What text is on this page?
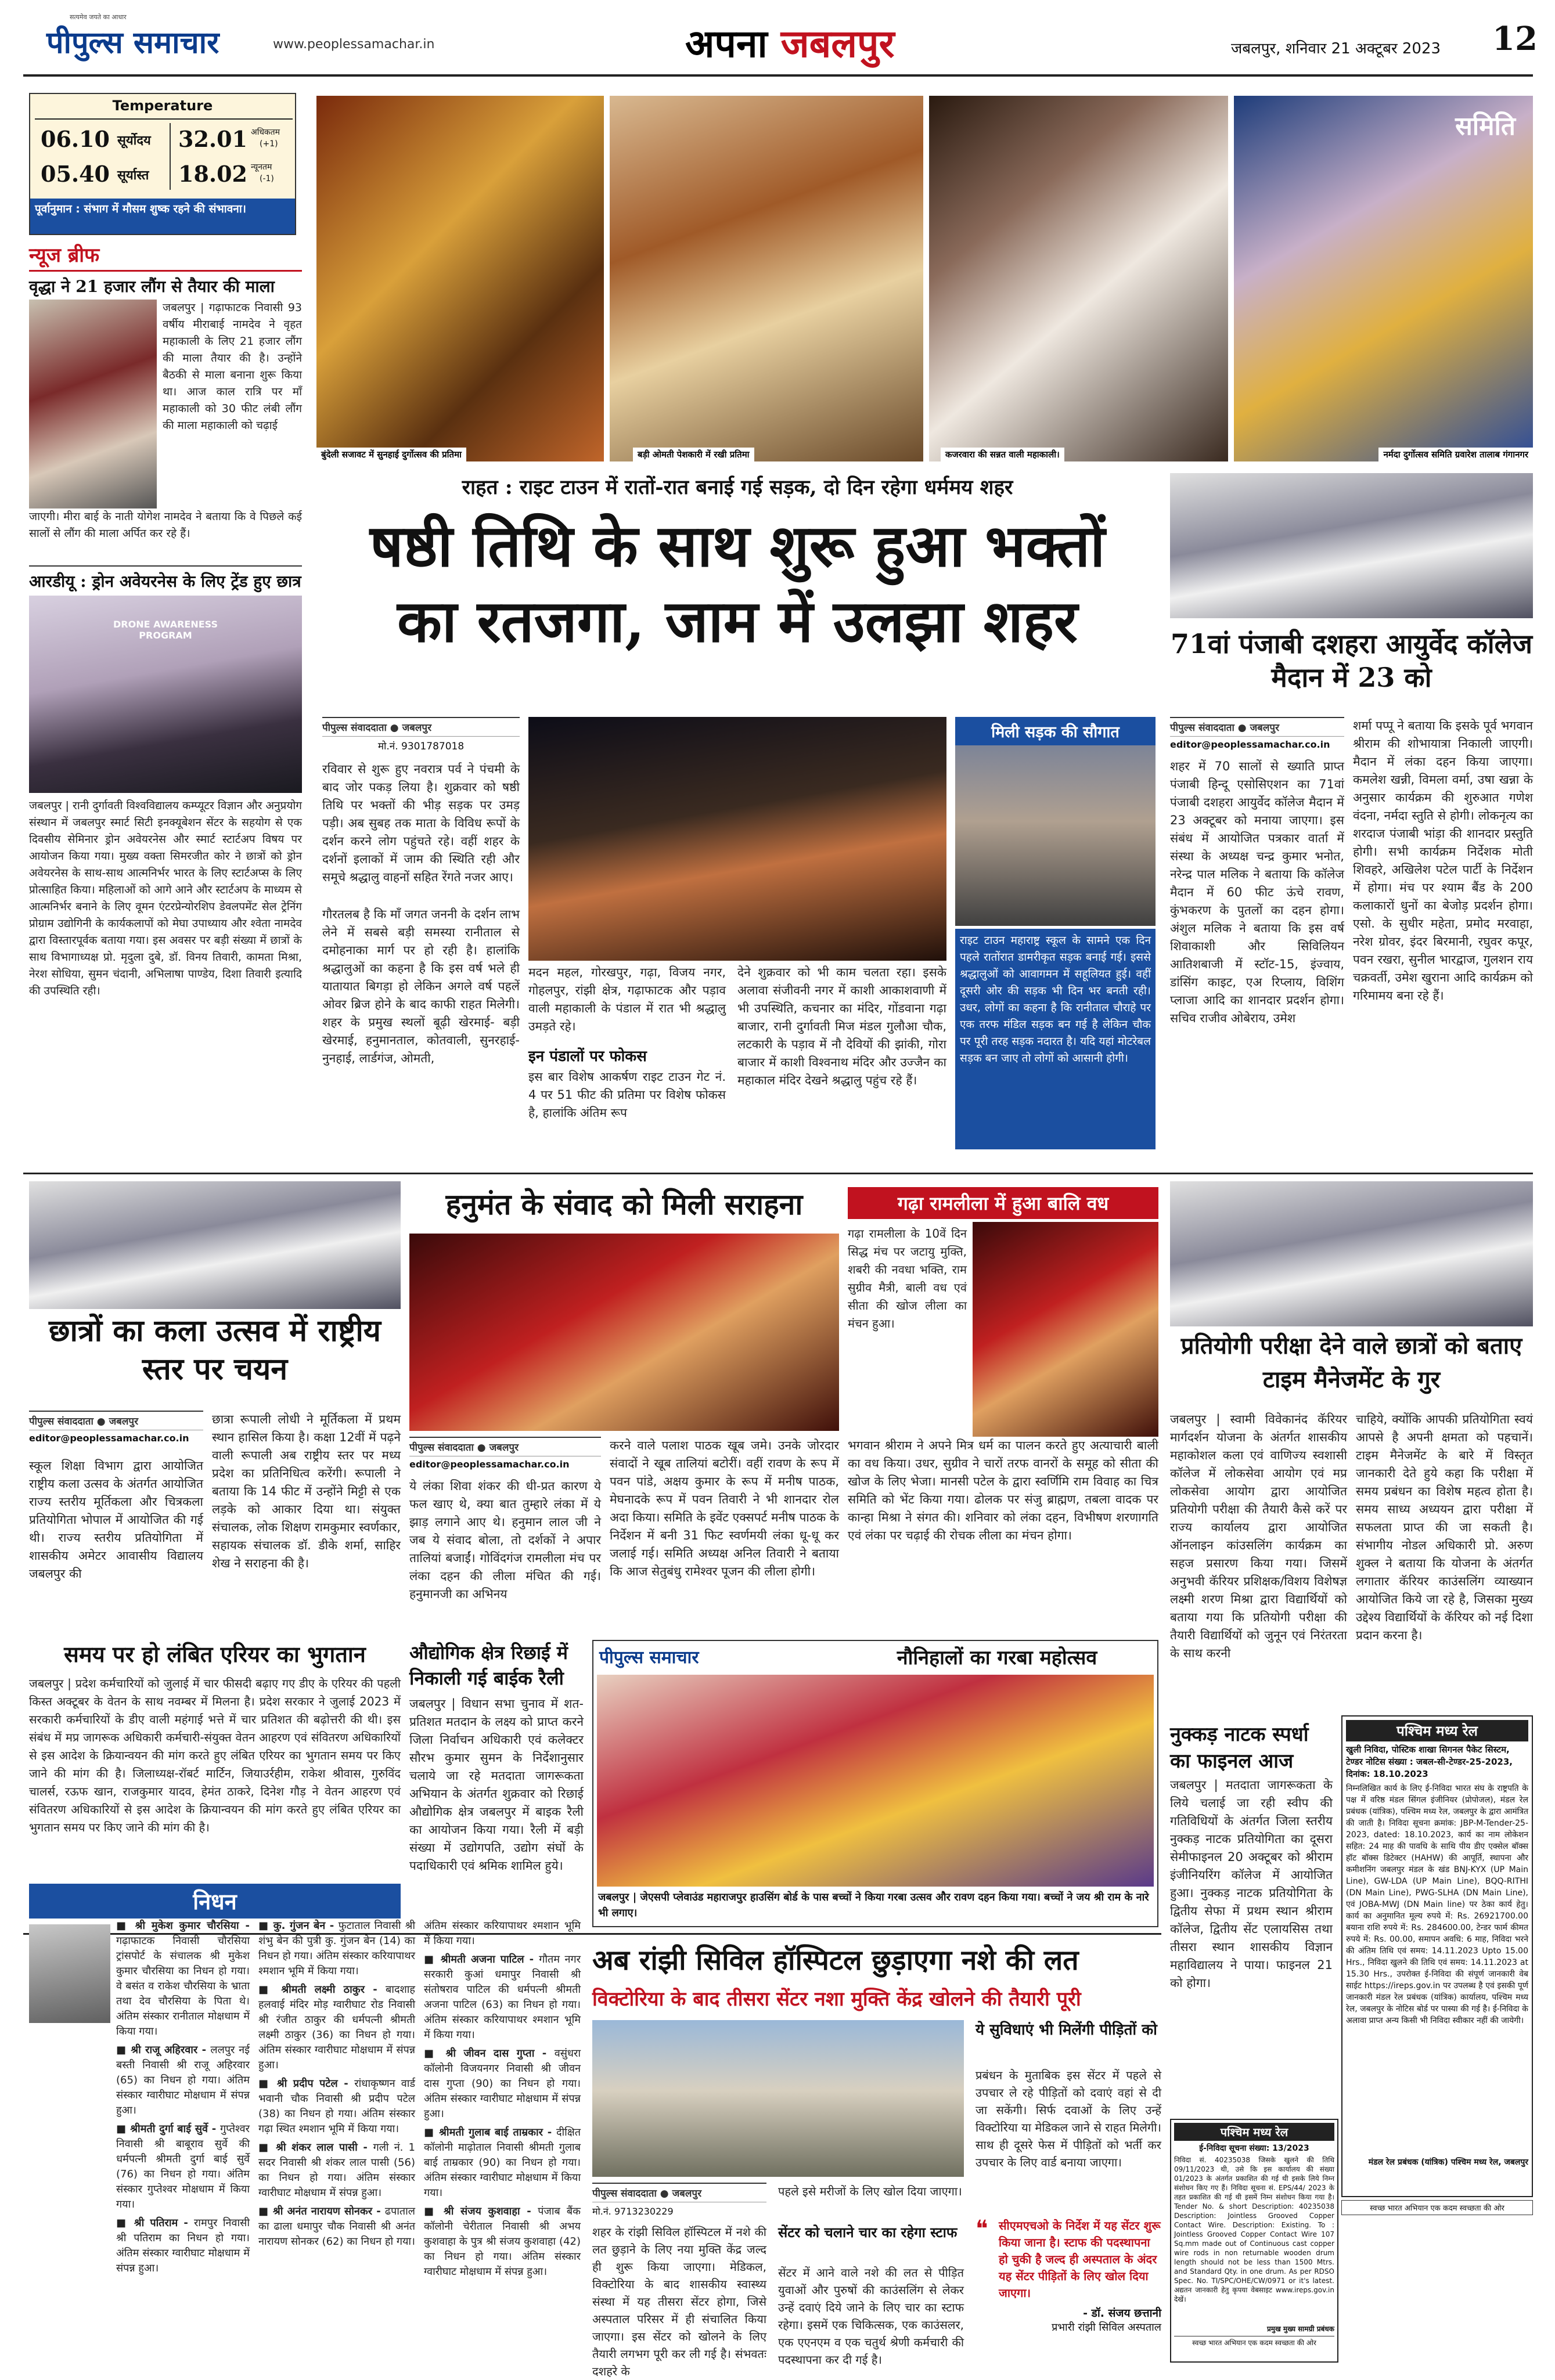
सत्यमेव जयते का आधार
पीपुल्स समाचार	www.peoplessamachar.in	अपना जबलपुर	जबलपुर, शनिवार 21 अक्टूबर 2023 12
Temperature
06.10 सूर्योदय 32.01 अधिकतम
(+1)
05.40 सूर्यास्त 18.02 न्यूनतम
(-1)
पूर्वानुमान : संभाग में मौसम शुष्क रहने की संभावना।
बुंदेली सजावट में सुनहाई दुर्गोत्सव की प्रतिमा	बड़ी ओमती पेशकारी में रखी प्रतिमा	कजरवारा की सन्नत वाली महाकाली।
समिति
नर्मदा दुर्गोत्सव समिति ग्रवारेश तालाब गंगानगर
न्यूज ब्रीफ
वृद्धा ने 21 हजार लौंग से तैयार की माला
जबलपुर | गढ़ाफाटक निवासी 93 वर्षीय मीराबाई नामदेव ने वृहत महाकाली के लिए 21 हजार लौंग की माला तैयार की है। उन्होंने बैठकी से माला बनाना शुरू किया था। आज काल रात्रि पर माँ महाकाली को 30 फीट लंबी लौंग की माला महाकाली को चढ़ाई
जाएगी। मीरा बाई के नाती योगेश नामदेव ने बताया कि वे पिछले कई सालों से लौंग की माला अर्पित कर रहे हैं।
आरडीयू : ड्रोन अवेयरनेस के लिए ट्रेंड हुए छात्र
DRONE AWARENESS PROGRAM
जबलपुर | रानी दुर्गावती विश्वविद्यालय कम्प्यूटर विज्ञान और अनुप्रयोग संस्थान में जबलपुर स्मार्ट सिटी इनक्यूबेशन सेंटर के सहयोग से एक दिवसीय सेमिनार ड्रोन अवेयरनेस और स्मार्ट स्टार्टअप विषय पर आयोजन किया गया। मुख्य वक्ता सिमरजीत कोर ने छात्रों को ड्रोन अवेयरनेस के साथ-साथ आत्मनिर्भर भारत के लिए स्टार्टअप्स के लिए प्रोत्साहित किया। महिलाओं को आगे आने और स्टार्टअप के माध्यम से आत्मनिर्भर बनाने के लिए वूमन एंटरप्रेन्योरशिप डेवलपमेंट सेल ट्रेनिंग प्रोग्राम उद्योगिनी के कार्यकलापों को मेघा उपाध्याय और श्वेता नामदेव द्वारा विस्तारपूर्वक बताया गया। इस अवसर पर बड़ी संख्या में छात्रों के साथ विभागाध्यक्ष प्रो. मृदुला दुबे, डॉ. विनय तिवारी, कामता मिश्रा, नेरश सोधिया, सुमन चंदानी, अभिलाषा पाण्डेय, दिशा तिवारी इत्यादि की उपस्थिति रही।
राहत : राइट टाउन में रातों-रात बनाई गई सड़क, दो दिन रहेगा धर्ममय शहर
षष्ठी तिथि के साथ शुरू हुआ भक्तों
का रतजगा, जाम में उलझा शहर
पीपुल्स संवाददाता ● जबलपुर
मो.नं. 9301787018
रविवार से शुरू हुए नवरात्र पर्व ने पंचमी के बाद जोर पकड़ लिया है। शुक्रवार को षष्ठी तिथि पर भक्तों की भीड़ सड़क पर उमड़ पड़ी। अब सुबह तक माता के विविध रूपों के दर्शन करने लोग पहुंचते रहे। वहीं शहर के दर्शनों इलाकों में जाम की स्थिति रही और समूचे श्रद्धालु वाहनों सहित रेंगते नजर आए।
गौरतलब है कि माँ जगत जननी के दर्शन लाभ लेने में सबसे बड़ी समस्या रानीताल से दमोहनाका मार्ग पर हो रही है। हालांकि श्रद्धालुओं का कहना है कि इस वर्ष भले ही यातायात बिगड़ा हो लेकिन अगले वर्ष पहलें ओवर ब्रिज होने के बाद काफी राहत मिलेगी। शहर के प्रमुख स्थलों बूढ़ी खेरमाई- बड़ी खेरमाई, हनुमानताल, कोतवाली, सुनरहाई-नुनहाई, लार्डगंज, ओमती,
मदन महल, गोरखपुर, गढ़ा, विजय नगर, गोहलपुर, रांझी क्षेत्र, गढ़ाफाटक और पड़ाव वाली महाकाली के पंडाल में रात भी श्रद्धालु उमड़ते रहे।
इन पंडालों पर फोकस
इस बार विशेष आकर्षण राइट टाउन गेट नं. 4 पर 51 फीट की प्रतिमा पर विशेष फोकस है, हालांकि अंतिम रूप
देने शुक्रवार को भी काम चलता रहा। इसके अलावा संजीवनी नगर में काशी आकाशवाणी में भी उपस्थिति, कचनार का मंदिर, गोंडवाना गढ़ा बाजार, रानी दुर्गावती मिज मंडल गुलौआ चौक, लटकारी के पड़ाव में नौ देवियों की झांकी, गोरा बाजार में काशी विश्वनाथ मंदिर और उज्जैन का महाकाल मंदिर देखने श्रद्धालु पहुंच रहे हैं।
मिली सड़क की सौगात
राइट टाउन महाराष्ट्र स्कूल के सामने एक दिन पहले रातोंरात डामरीकृत सड़क बनाई गई। इससे श्रद्धालुओं को आवागमन में सहूलियत हुई। वहीं दूसरी ओर की सड़क भी दिन भर बनती रही। उधर, लोगों का कहना है कि रानीताल चौराहे पर एक तरफ मंडिल सड़क बन गई है लेकिन चौक पर पूरी तरह सड़क नदारत है। यदि यहां मोटरेबल सड़क बन जाए तो लोगों को आसानी होगी।
71वां पंजाबी दशहरा आयुर्वेद कॉलेज मैदान में 23 को
पीपुल्स संवाददाता ● जबलपुर
editor@peoplessamachar.co.in
शहर में 70 सालों से ख्याति प्राप्त पंजाबी हिन्दू एसोसिएशन का 71वां पंजाबी दशहरा आयुर्वेद कॉलेज मैदान में 23 अक्टूबर को मनाया जाएगा। इस संबंध में आयोजित पत्रकार वार्ता में संस्था के अध्यक्ष चन्द्र कुमार भनोत, नरेन्द्र पाल मलिक ने बताया कि कॉलेज मैदान में 60 फीट ऊंचे रावण, कुंभकरण के पुतलों का दहन होगा। अंशुल मलिक ने बताया कि इस वर्ष शिवाकाशी और सिविलियन आतिशबाजी में स्टॉट-15, इंज्वाय, डांसिंग काइट, एअ रिप्लाय, विशिंग प्लाजा आदि का शानदार प्रदर्शन होगा। सचिव राजीव ओबेराय, उमेश
शर्मा पप्पू ने बताया कि इसके पूर्व भगवान श्रीराम की शोभायात्रा निकाली जाएगी। मैदान में लंका दहन किया जाएगा। कमलेश खन्नी, विमला वर्मा, उषा खन्ना के अनुसार कार्यक्रम की शुरुआत गणेश वंदना, नर्मदा स्तुति से होगी। लोकनृत्य का शरदाज पंजाबी भांड़ा की शानदार प्रस्तुति होगी। सभी कार्यक्रम निर्देशक मोती शिवहरे, अखिलेश पटेल पार्टी के निर्देशन में होगा। मंच पर श्याम बैंड के 200 कलाकारों धुनों का बेजोड़ प्रदर्शन होगा। एसो. के सुधीर महेता, प्रमोद मरवाहा, नरेश ग्रोवर, इंदर बिरमानी, रघुवर कपूर, पवन रखरा, सुनील भारद्वाज, गुलशन राय चक्रवर्ती, उमेश खुराना आदि कार्यक्रम को गरिमामय बना रहे हैं।
छात्रों का कला उत्सव में राष्ट्रीय स्तर पर चयन
पीपुल्स संवाददाता ● जबलपुर
editor@peoplessamachar.co.in
स्कूल शिक्षा विभाग द्वारा आयोजित राष्ट्रीय कला उत्सव के अंतर्गत आयोजित राज्य स्तरीय मूर्तिकला और चित्रकला प्रतियोगिता भोपाल में आयोजित की गई थी। राज्य स्तरीय प्रतियोगिता में शासकीय अमेटर आवासीय विद्यालय जबलपुर की
छात्रा रूपाली लोधी ने मूर्तिकला में प्रथम स्थान हासिल किया है। कक्षा 12वीं में पढ़ने वाली रूपाली अब राष्ट्रीय स्तर पर मध्य प्रदेश का प्रतिनिधित्व करेंगी। रूपाली ने बताया कि 14 फीट में उन्होंने मिट्टी से एक लड़के को आकार दिया था। संयुक्त संचालक, लोक शिक्षण रामकुमार स्वर्णकार, सहायक संचालक डॉ. डीके शर्मा, साहिर शेख ने सराहना की है।
हनुमंत के संवाद को मिली सराहना
पीपुल्स संवाददाता ● जबलपुर
editor@peoplessamachar.co.in
ये लंका शिवा शंकर की धी-प्रत कारण ये फल खाए थे, क्या बात तुम्हारे लंका में ये झाड़ लगाने आए थे। हनुमान लाल जी ने जब ये संवाद बोला, तो दर्शकों ने अपार तालियां बजाईं। गोविंदगंज रामलीला मंच पर लंका दहन की लीला मंचित की गई। हनुमानजी का अभिनय
करने वाले पलाश पाठक खूब जमे। उनके जोरदार संवादों ने खूब तालियां बटोरीं। वहीं रावण के रूप में पवन पांडे, अक्षय कुमार के रूप में मनीष पाठक, मेघनादके रूप में पवन तिवारी ने भी शानदार रोल अदा किया। समिति के इवेंट एक्सपर्ट मनीष पाठक के निर्देशन में बनी 31 फिट स्वर्णमयी लंका धू-धू कर जलाई गई। समिति अध्यक्ष अनिल तिवारी ने बताया कि आज सेतुबंधु रामेश्वर पूजन की लीला होगी।
गढ़ा रामलीला में हुआ बालि वध
गढ़ा रामलीला के 10वें दिन सिद्ध मंच पर जटायु मुक्ति, शबरी की नवधा भक्ति, राम सुग्रीव मैत्री, बाली वध एवं सीता की खोज लीला का मंचन हुआ।
भगवान श्रीराम ने अपने मित्र धर्म का पालन करते हुए अत्याचारी बाली का वध किया। उधर, सुग्रीव ने चारों तरफ वानरों के समूह को सीता की खोज के लिए भेजा। मानसी पटेल के द्वारा स्वर्णिमि राम विवाह का चित्र समिति को भेंट किया गया। ढोलक पर संजु ब्राह्मण, तबला वादक पर कान्हा मिश्रा ने संगत की। शनिवार को लंका दहन, विभीषण शरणागति एवं लंका पर चढ़ाई की रोचक लीला का मंचन होगा।
प्रतियोगी परीक्षा देने वाले छात्रों को बताए टाइम मैनेजमेंट के गुर
जबलपुर | स्वामी विवेकानंद कॅरियर मार्गदर्शन योजना के अंतर्गत शासकीय महाकोशल कला एवं वाणिज्य स्वशासी कॉलेज में लोकसेवा आयोग एवं मप्र लोकसेवा आयोग द्वारा आयोजित प्रतियोगी परीक्षा की तैयारी कैसे करें पर राज्य कार्यालय द्वारा आयोजित ऑनलाइन कांउसलिंग कार्यक्रम का सहज प्रसारण किया गया। जिसमें अनुभवी कॅरियर प्रशिक्षक/विशय विशेषज्ञ लक्ष्मी शरण मिश्रा द्वारा विद्यार्थियों को बताया गया कि प्रतियोगी परीक्षा की तैयारी विद्यार्थियों को जुनून एवं निरंतरता के साथ करनी
चाहिये, क्योंकि आपकी प्रतियोगिता स्वयं आपसे है अपनी क्षमता को पहचानें। टाइम मैनेजमेंट के बारे में विस्तृत जानकारी देते हुये कहा कि परीक्षा में समय प्रबंधन का विशेष महत्व होता है। समय साध्य अध्ययन द्वारा परीक्षा में सफलता प्राप्त की जा सकती है। संभागीय नोडल अधिकारी प्रो. अरुण शुक्ल ने बताया कि योजना के अंतर्गत लगातार कॅरियर काउंसलिंग व्याख्यान आयोजित किये जा रहे है, जिसका मुख्य उद्देश्य विद्यार्थियों के कॅरियर को नई दिशा प्रदान करना है।
समय पर हो लंबित एरियर का भुगतान
जबलपुर | प्रदेश कर्मचारियों को जुलाई में चार फीसदी बढ़ाए गए डीए के एरियर की पहली किस्त अक्टूबर के वेतन के साथ नवम्बर में मिलना है। प्रदेश सरकार ने जुलाई 2023 में सरकारी कर्मचारियों के डीए वाली महंगाई भत्ते में चार प्रतिशत की बढ़ोत्तरी की थी। इस संबंध में मप्र जागरूक अधिकारी कर्मचारी-संयुक्त वेतन आहरण एवं संवितरण अधिकारियों से इस आदेश के क्रियान्वयन की मांग करते हुए लंबित एरियर का भुगतान समय पर किए जाने की मांग की है। जिलाध्यक्ष-रॉबर्ट मार्टिन, जियाउर्रहीम, राकेश श्रीवास, गुरुविंद चालर्स, रऊफ खान, राजकुमार यादव, हेमंत ठाकरे, दिनेश गौड़ ने वेतन आहरण एवं संवितरण अधिकारियों से इस आदेश के क्रियान्वयन की मांग करते हुए लंबित एरियर का भुगतान समय पर किए जाने की मांग की है।
औद्योगिक क्षेत्र रिछाई में निकाली गई बाईक रैली
जबलपुर | विधान सभा चुनाव में शत-प्रतिशत मतदान के लक्ष्य को प्राप्त करने जिला निर्वाचन अधिकारी एवं कलेक्टर सौरभ कुमार सुमन के निर्देशानुसार चलाये जा रहे मतदाता जागरूकता अभियान के अंतर्गत शुक्रवार को रिछाई औद्योगिक क्षेत्र जबलपुर में बाइक रैली का आयोजन किया गया। रैली में बड़ी संख्या में उद्योगपति, उद्योग संघों के पदाधिकारी एवं श्रमिक शामिल हुये।
पीपुल्स समाचार	नौनिहालों का गरबा महोत्सव
जबलपुर | जेएसपी प्लेवाउंड महाराजपुर हाउसिंग बोर्ड के पास बच्चों ने किया गरबा उत्सव और रावण दहन किया गया। बच्चों ने जय श्री राम के नारे भी लगाए।
नुक्कड़ नाटक स्पर्धा का फाइनल आज
जबलपुर | मतदाता जागरूकता के लिये चलाई जा रही स्वीप की गतिविधियों के अंतर्गत जिला स्तरीय नुक्कड़ नाटक प्रतियोगिता का दूसरा सेमीफाइनल 20 अक्टूबर को श्रीराम इंजीनियरिंग कॉलेज में आयोजित हुआ। नुक्कड़ नाटक प्रतियोगिता के द्वितीय सेफा में प्रथम स्थान श्रीराम कॉलेज, द्वितीय सेंट एलायसिस तथा तीसरा स्थान शासकीय विज्ञान महाविद्यालय ने पाया। फाइनल 21 को होगा।
पश्चिम मध्य रेल
खुली निविदा, पोस्टिक शाखा सिगनल पैकेट सिस्टम, टेण्डर नोटिस संख्या : जबल-सी-टेण्डर-25-2023, दिनांक: 18.10.2023
निम्नलिखित कार्य के लिए ई-निविदा भारत संघ के राष्ट्रपति के पक्ष में वरिष्ठ मंडल सिंगल इंजीनियर (प्रोपोजल), मंडल रेल प्रबंधक (यांत्रिक), पश्चिम मध्य रेल, जबलपुर के द्वारा आमंत्रित की जाती है। निविदा सूचना क्रमांक: JBP-M-Tender-25-2023, dated: 18.10.2023, कार्य का नाम लोकेशन सहित: 24 माह की पावधि के साथि पीय डीए एक्सेल बॉक्स हॉट बॉक्स डिटेक्टर (HAHW) की आपूर्ति, स्थापना और कमीशनिंग जबलपुर मंडल के खंड BNJ-KYX (UP Main Line), GW-LDA (UP Main Line), BQQ-RITHI (DN Main Line), PWG-SLHA (DN Main Line), एवं JOBA-MWJ (DN Main line) पर ठेका कार्य हेतु। कार्य का अनुमानित मूल्य रुपये में: Rs. 26921700.00 बयाना राशि रुपये में: Rs. 284600.00, टेन्डर फार्म कीमत रुपये में: Rs. 00.00, समापन अवधि: 6 माह, निविदा भरने की अंतिम तिथि एवं समय: 14.11.2023 Upto 15.00 Hrs., निविदा खुलने की तिथि एवं समय: 14.11.2023 at 15.30 Hrs., उपरोक्त ई-निविदा की संपूर्ण जानकारी वेब साईट https://ireps.gov.in पर उपलब्ध है एवं इसकी पूर्ण जानकारी मंडल रेल प्रबंधक (यांत्रिक) कार्यालय, पश्चिम मध्य रेल, जबलपुर के नोटिस बोर्ड पर पास्या की गई है। ई-निविदा के अलावा प्राप्त अन्य किसी भी निविदा स्वीकार नहीं की जायेगी।
मंडल रेल प्रबंधक (यांत्रिक) पश्चिम मध्य रेल, जबलपुर
निधन
■ श्री मुकेश कुमार चौरसिया - गढ़ाफाटक निवासी चौरसिया ट्रांसपोर्ट के संचालक श्री मुकेश कुमार चौरसिया का निधन हो गया। वे बसंत व राकेश चौरसिया के भ्राता तथा देव चौरसिया के पिता थे। अंतिम संस्कार रानीताल मोक्षधाम में किया गया।
■ श्री राजू अहिरवार - ललपुर नई बस्ती निवासी श्री राजू अहिरवार (65) का निधन हो गया। अंतिम संस्कार ग्वारीघाट मोक्षधाम में संपन्न हुआ।
■ श्रीमती दुर्गा बाई सुर्वे - गुप्तेश्वर निवासी श्री बाबूराव सुर्वे की धर्मपत्नी श्रीमती दुर्गा बाई सुर्वे (76) का निधन हो गया। अंतिम संस्कार गुप्तेश्वर मोक्षधाम में किया गया।
■ श्री पतिराम - रामपुर निवासी श्री पतिराम का निधन हो गया। अंतिम संस्कार ग्वारीघाट मोक्षधाम में संपन्न हुआ।
■ कु. गुंजन बेन - फुटाताल निवासी श्री शंभु बेन की पुत्री कु. गुंजन बेन (14) का निधन हो गया। अंतिम संस्कार करियापाथर श्मशान भूमि में किया गया।
■ श्रीमती लक्ष्मी ठाकुर - बादशाह हलवाई मंदिर मोड़ ग्वारीघाट रोड निवासी श्री रंजीत ठाकुर की धर्मपत्नी श्रीमती लक्ष्मी ठाकुर (36) का निधन हो गया। अंतिम संस्कार ग्वारीघाट मोक्षधाम में संपन्न हुआ।
■ श्री प्रदीप पटेल - रांधाकृष्णन वार्ड भवानी चौक निवासी श्री प्रदीप पटेल (38) का निधन हो गया। अंतिम संस्कार गढ़ा स्थित श्मशान भूमि में किया गया।
■ श्री शंकर लाल पासी - गली नं. 1 सदर निवासी श्री शंकर लाल पासी (56) का निधन हो गया। अंतिम संस्कार ग्वारीघाट मोक्षधाम में संपन्न हुआ।
■ श्री अनंत नारायण सोनकर - ढपाताल का ढाला धमापुर चौक निवासी श्री अनंत नारायण सोनकर (62) का निधन हो गया।
अंतिम संस्कार करियापाथर श्मशान भूमि में किया गया।
■ श्रीमती अजना पाटिल - गौतम नगर सरकारी कुआं धमापुर निवासी श्री संतोषराव पाटिल की धर्मपत्नी श्रीमती अजना पाटिल (63) का निधन हो गया। अंतिम संस्कार करियापाथर श्मशान भूमि में किया गया।
■ श्री जीवन दास गुप्ता - वसुंधरा कॉलोनी विजयनगर निवासी श्री जीवन दास गुप्ता (90) का निधन हो गया। अंतिम संस्कार ग्वारीघाट मोक्षधाम में संपन्न हुआ।
■ श्रीमती गुलाब बाई ताम्रकार - दीक्षित कॉलोनी माढ़ोताल निवासी श्रीमती गुलाब बाई ताम्रकार (90) का निधन हो गया। अंतिम संस्कार ग्वारीघाट मोक्षधाम में किया गया।
■ श्री संजय कुशवाहा - पंजाब बैंक कॉलोनी चेरीताल निवासी श्री अभय कुशवाहा के पुत्र श्री संजय कुशवाहा (42) का निधन हो गया। अंतिम संस्कार ग्वारीघाट मोक्षधाम में संपन्न हुआ।
अब रांझी सिविल हॉस्पिटल छुड़ाएगा नशे की लत
विक्टोरिया के बाद तीसरा सेंटर नशा मुक्ति केंद्र खोलने की तैयारी पूरी
पीपुल्स संवाददाता ● जबलपुर
मो.नं. 9713230229
शहर के रांझी सिविल हॉस्पिटल में नशे की लत छुड़ाने के लिए नया मुक्ति केंद्र जल्द ही शुरू किया जाएगा। मेडिकल, विक्टोरिया के बाद शासकीय स्वास्थ्य संस्था में यह तीसरा सेंटर होगा, जिसे अस्पताल परिसर में ही संचालित किया जाएगा। इस सेंटर को खोलने के लिए तैयारी लगभग पूरी कर ली गई है। संभवतः दशहरे के
पहले इसे मरीजों के लिए खोल दिया जाएगा।
सेंटर को चलाने चार का रहेगा स्टाफ
सेंटर में आने वाले नशे की लत से पीड़ित युवाओं और पुरुषों की काउंसलिंग से लेकर उन्हें दवाएं दिये जाने के लिए चार का स्टाफ रहेगा। इसमें एक चिकित्सक, एक काउंसलर, एक एएनएम व एक चतुर्थ श्रेणी कर्मचारी की पदस्थापना कर दी गई है।
ये सुविधाएं भी मिलेंगी पीड़ितों को
प्रबंधन के मुताबिक इस सेंटर में पहले से उपचार ले रहे पीड़ितों को दवाएं वहां से दी जा सकेंगी। सिर्फ दवाओं के लिए उन्हें विक्टोरिया या मेडिकल जाने से राहत मिलेगी। साथ ही दूसरे फेस में पीड़ितों को भर्ती कर उपचार के लिए वार्ड बनाया जाएगा।
❝ सीएमएचओ के निर्देश में यह सेंटर शुरू किया जाना है। स्टाफ की पदस्थापना हो चुकी है जल्द ही अस्पताल के अंदर यह सेंटर पीड़ितों के लिए खोल दिया जाएगा।
- डॉ. संजय छत्तानी
प्रभारी रांझी सिविल अस्पताल
पश्चिम मध्य रेल
ई-निविदा सूचना संख्या: 13/2023
निविदा सं. 40235038 जिसके खुलने की तिथि 09/11/2023 थी, उसे कि इस कार्यालय की संख्या 01/2023 के अंतर्गत प्रकाशित की गई थी इसके लिये निम्न संशोधन किए गए हैं। निविदा सूचना सं. EPS/44/ 2023 के तहत प्रकाशित की गई थी इसमें निम्न संशोधन किया गया है। Tender No. & short Description: 40235038 Description: Jointless Grooved Copper Contact Wire. Description: Existing. To : Jointless Grooved Copper Contact Wire 107 Sq.mm made out of Continuous cast copper wire rods in non returnable wooden drum length should not be less than 1500 Mtrs. and Standard Qty. in one drum. As per RDSO Spec. No. TI/SPC/OHE/CW/0971 or it's latest. अद्यतन जानकारी हेतु कृपया वेबसाइट www.ireps.gov.in देखें।
प्रमुख मुख्य सामग्री प्रबंधक
स्वच्छ भारत अभियान एक कदम स्वच्छता की ओर
स्वच्छ भारत अभियान एक कदम स्वच्छता की ओर
